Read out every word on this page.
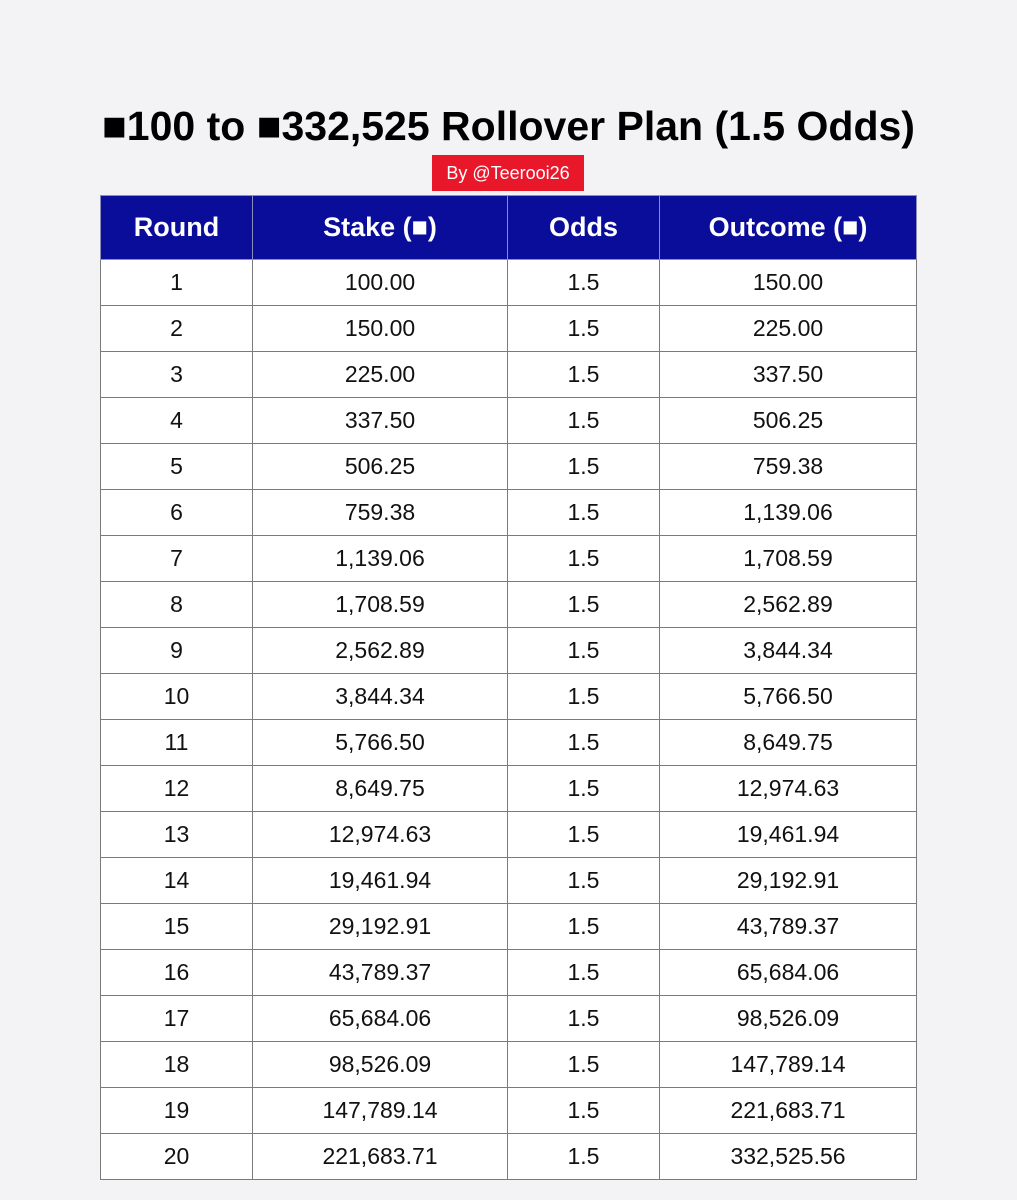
■100 to ■332,525 Rollover Plan (1.5 Odds)
By @Teerooi26
Round	Stake (■)	Odds	Outcome (■)
1	100.00	1.5	150.00
2	150.00	1.5	225.00
3	225.00	1.5	337.50
4	337.50	1.5	506.25
5	506.25	1.5	759.38
6	759.38	1.5	1,139.06
7	1,139.06	1.5	1,708.59
8	1,708.59	1.5	2,562.89
9	2,562.89	1.5	3,844.34
10	3,844.34	1.5	5,766.50
11	5,766.50	1.5	8,649.75
12	8,649.75	1.5	12,974.63
13	12,974.63	1.5	19,461.94
14	19,461.94	1.5	29,192.91
15	29,192.91	1.5	43,789.37
16	43,789.37	1.5	65,684.06
17	65,684.06	1.5	98,526.09
18	98,526.09	1.5	147,789.14
19	147,789.14	1.5	221,683.71
20	221,683.71	1.5	332,525.56
